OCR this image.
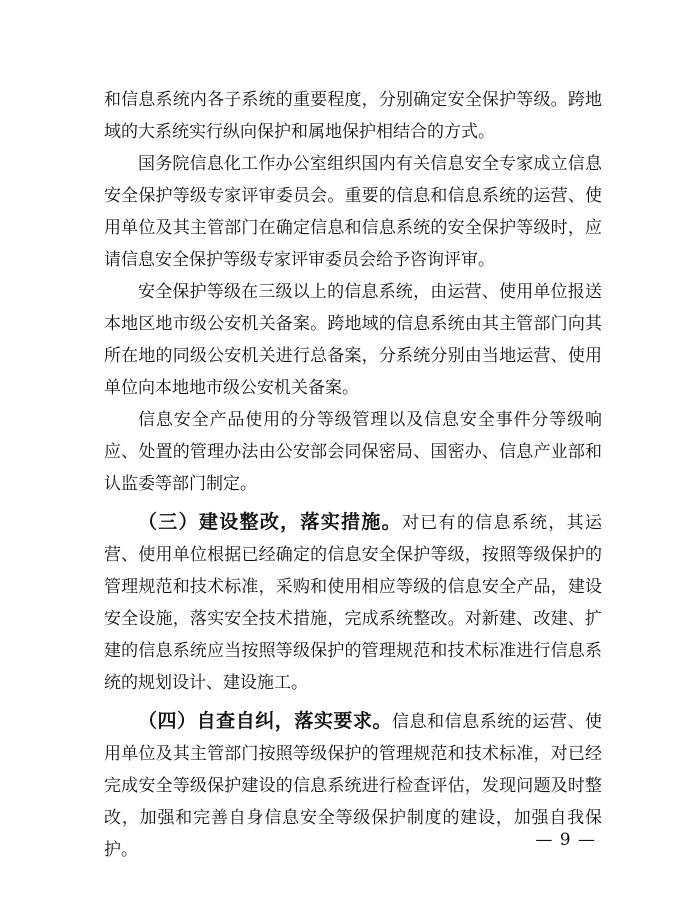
和信息系统内各子系统的重要程度，分别确定安全保护等级。跨地域的大系统实行纵向保护和属地保护相结合的方式。

国务院信息化工作办公室组织国内有关信息安全专家成立信息安全保护等级专家评审委员会。重要的信息和信息系统的运营、使用单位及其主管部门在确定信息和信息系统的安全保护等级时，应请信息安全保护等级专家评审委员会给予咨询评审。

安全保护等级在三级以上的信息系统，由运营、使用单位报送本地区地市级公安机关备案。跨地域的信息系统由其主管部门向其所在地的同级公安机关进行总备案，分系统分别由当地运营、使用单位向本地地市级公安机关备案。

信息安全产品使用的分等级管理以及信息安全事件分等级响应、处置的管理办法由公安部会同保密局、国密办、信息产业部和认监委等部门制定。

（三）建设整改，落实措施。对已有的信息系统，其运营、使用单位根据已经确定的信息安全保护等级，按照等级保护的管理规范和技术标准，采购和使用相应等级的信息安全产品，建设安全设施，落实安全技术措施，完成系统整改。对新建、改建、扩建的信息系统应当按照等级保护的管理规范和技术标准进行信息系统的规划设计、建设施工。

（四）自查自纠，落实要求。信息和信息系统的运营、使用单位及其主管部门按照等级保护的管理规范和技术标准，对已经完成安全等级保护建设的信息系统进行检查评估，发现问题及时整改，加强和完善自身信息安全等级保护制度的建设，加强自我保护。	— 9 —
